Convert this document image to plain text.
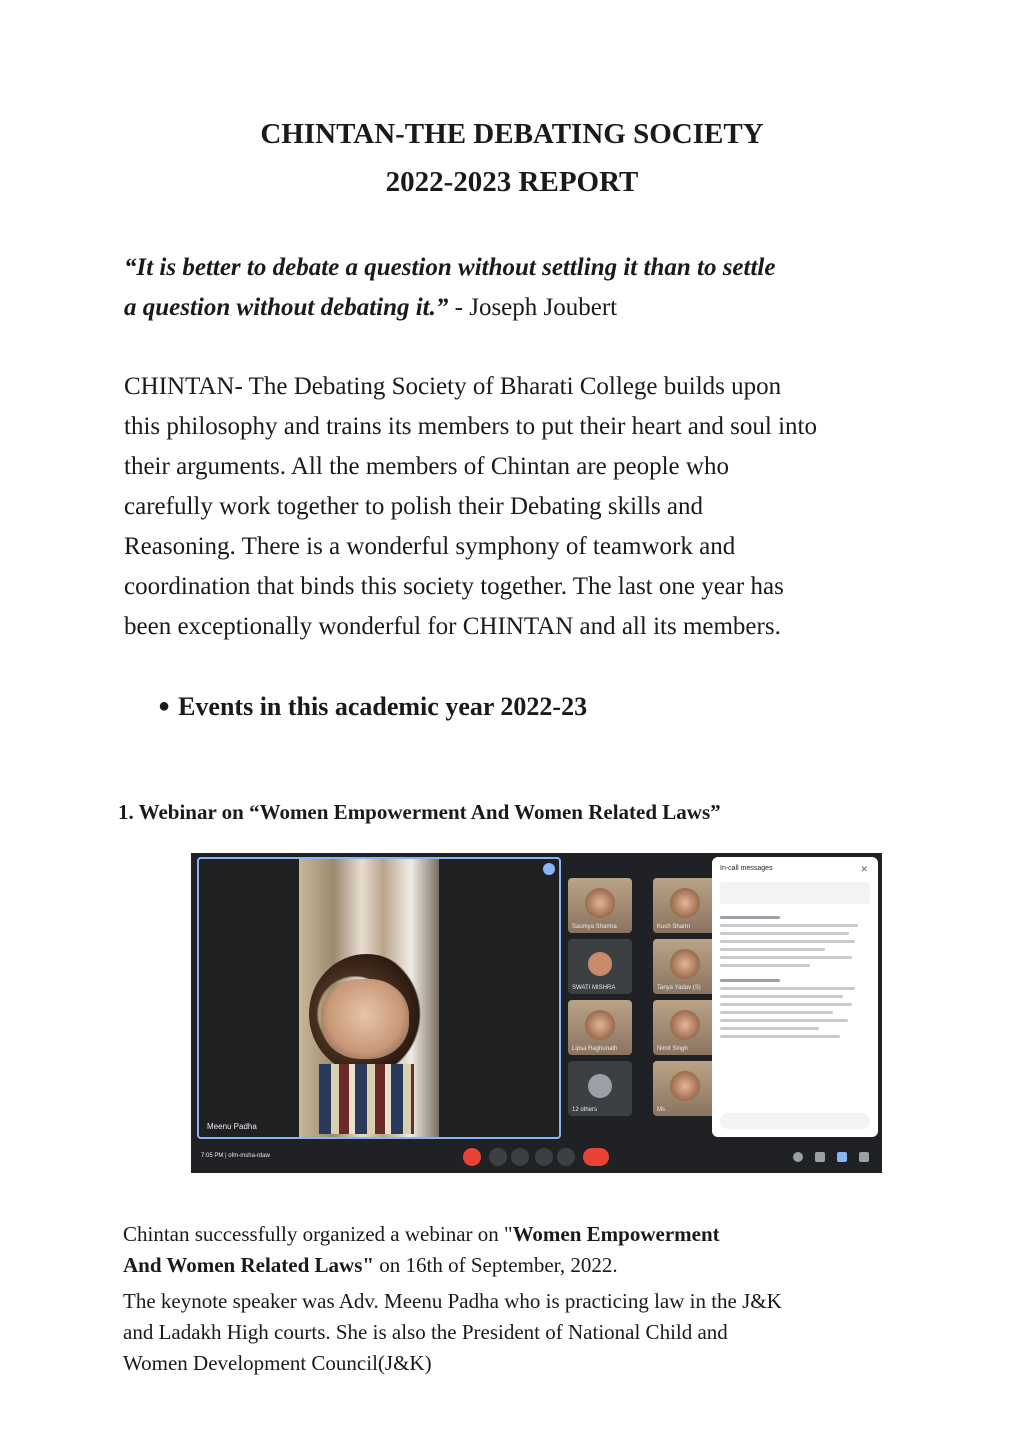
CHINTAN-THE DEBATING SOCIETY
2022-2023 REPORT
“It is better to debate a question without settling it than to settle
a question without debating it.” - Joseph Joubert
CHINTAN- The Debating Society of Bharati College builds upon
this philosophy and trains its members to put their heart and soul into
their arguments. All the members of Chintan are people who
carefully work together to polish their Debating skills and
Reasoning. There is a wonderful symphony of teamwork and
coordination that binds this society together. The last one year has
been exceptionally wonderful for CHINTAN and all its members.
● Events in this academic year 2022-23
1. Webinar on “Women Empowerment And Women Related Laws”
Meenu Padha
Saumya Sharma	Kuch Sharm
SWATI MISHRA	Tanya Yadav (S)
Lipsa Raghunath	Nimit Singh
12 others	Ms
In-call messages	✕
7:05 PM | ofm-msha-rdaw
Chintan successfully organized a webinar on "Women Empowerment
And Women Related Laws" on 16th of September, 2022.
The keynote speaker was Adv. Meenu Padha who is practicing law in the J&K
and Ladakh High courts. She is also the President of National Child and
Women Development Council(J&K)
